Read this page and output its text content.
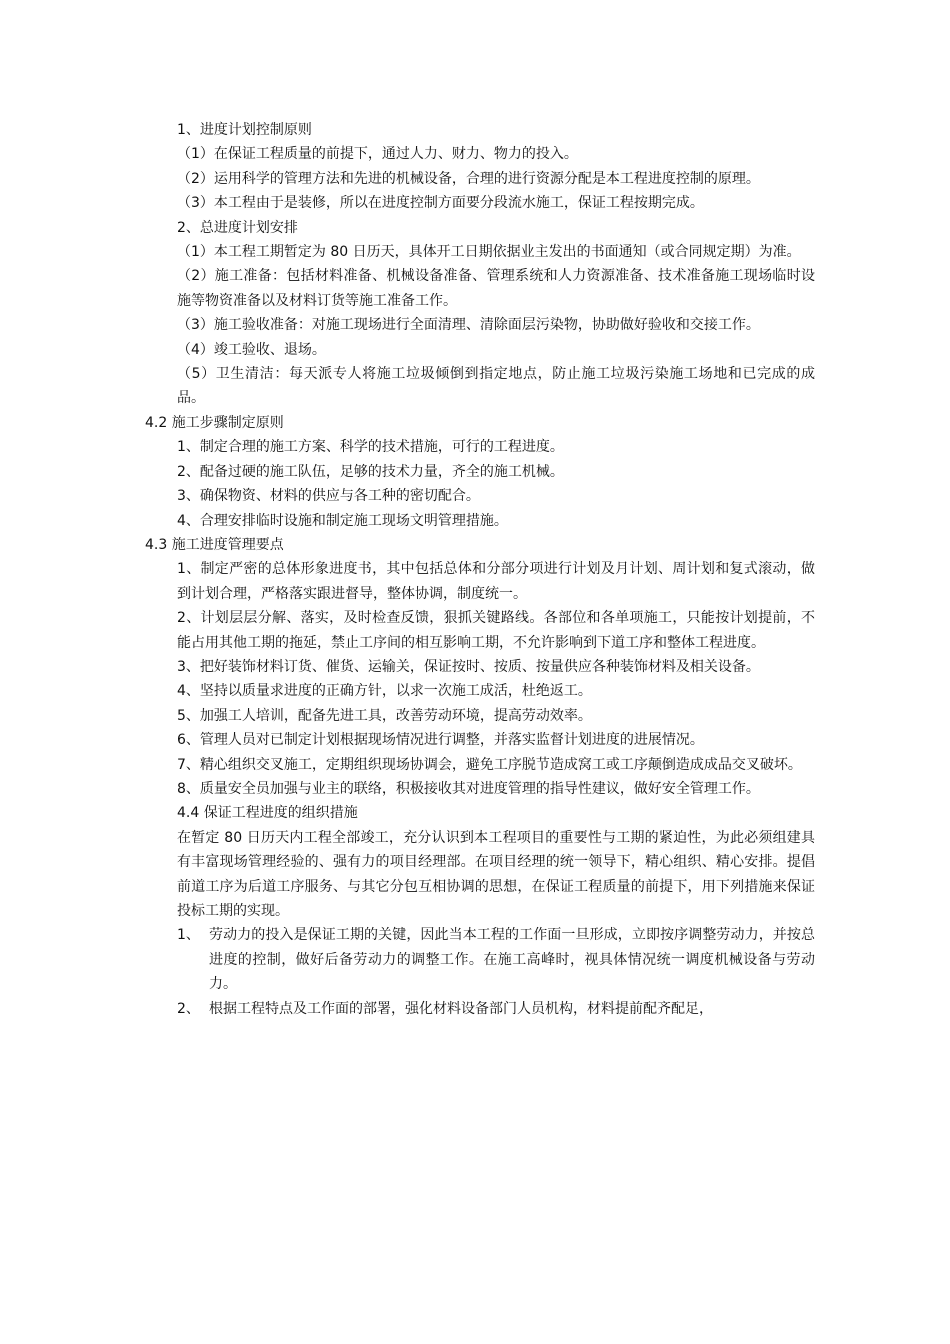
1、进度计划控制原则

（1）在保证工程质量的前提下，通过人力、财力、物力的投入。

（2）运用科学的管理方法和先进的机械设备，合理的进行资源分配是本工程进度控制的原理。

（3）本工程由于是装修，所以在进度控制方面要分段流水施工，保证工程按期完成。

2、总进度计划安排

（1）本工程工期暂定为 80 日历天，具体开工日期依据业主发出的书面通知（或合同规定期）为准。

（2）施工准备：包括材料准备、机械设备准备、管理系统和人力资源准备、技术准备施工现场临时设施等物资准备以及材料订货等施工准备工作。

（3）施工验收准备：对施工现场进行全面清理、清除面层污染物，协助做好验收和交接工作。

（4）竣工验收、退场。

（5）卫生清洁：每天派专人将施工垃圾倾倒到指定地点，防止施工垃圾污染施工场地和已完成的成品。

4.2 施工步骤制定原则

1、制定合理的施工方案、科学的技术措施，可行的工程进度。

2、配备过硬的施工队伍，足够的技术力量，齐全的施工机械。

3、确保物资、材料的供应与各工种的密切配合。

4、合理安排临时设施和制定施工现场文明管理措施。

4.3 施工进度管理要点

1、制定严密的总体形象进度书，其中包括总体和分部分项进行计划及月计划、周计划和复式滚动，做到计划合理，严格落实跟进督导，整体协调，制度统一。

2、计划层层分解、落实，及时检查反馈，狠抓关键路线。各部位和各单项施工，只能按计划提前，不能占用其他工期的拖延，禁止工序间的相互影响工期，不允许影响到下道工序和整体工程进度。

3、把好装饰材料订货、催货、运输关，保证按时、按质、按量供应各种装饰材料及相关设备。

4、坚持以质量求进度的正确方针，以求一次施工成活，杜绝返工。

5、加强工人培训，配备先进工具，改善劳动环境，提高劳动效率。

6、管理人员对已制定计划根据现场情况进行调整，并落实监督计划进度的进展情况。

7、精心组织交叉施工，定期组织现场协调会，避免工序脱节造成窝工或工序颠倒造成成品交叉破坏。

8、质量安全员加强与业主的联络，积极接收其对进度管理的指导性建议，做好安全管理工作。

4.4 保证工程进度的组织措施

在暂定 80 日历天内工程全部竣工，充分认识到本工程项目的重要性与工期的紧迫性，为此必须组建具有丰富现场管理经验的、强有力的项目经理部。在项目经理的统一领导下，精心组织、精心安排。提倡前道工序为后道工序服务、与其它分包互相协调的思想，在保证工程质量的前提下，用下列措施来保证投标工期的实现。

1、 劳动力的投入是保证工期的关键，因此当本工程的工作面一旦形成，立即按序调整劳动力，并按总进度的控制，做好后备劳动力的调整工作。在施工高峰时，视具体情况统一调度机械设备与劳动力。

2、 根据工程特点及工作面的部署，强化材料设备部门人员机构，材料提前配齐配足，
